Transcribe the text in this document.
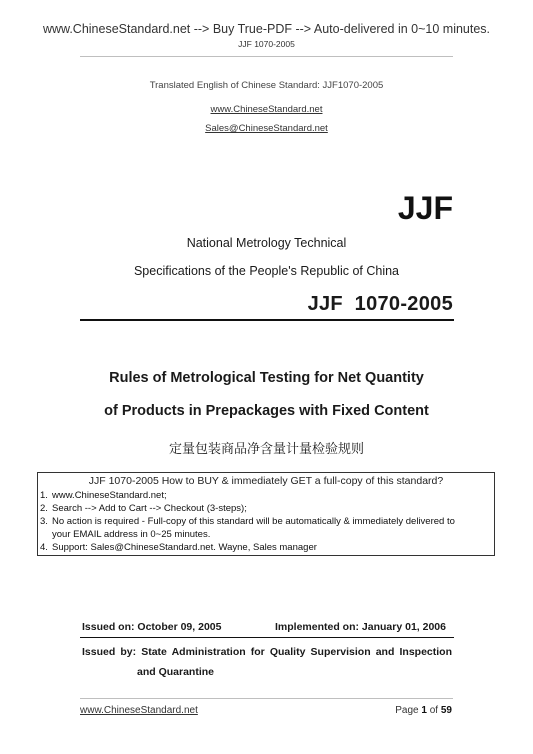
www.ChineseStandard.net --> Buy True-PDF --> Auto-delivered in 0~10 minutes.
JJF 1070-2005
Translated English of Chinese Standard: JJF1070-2005
www.ChineseStandard.net
Sales@ChineseStandard.net
JJF
National Metrology Technical
Specifications of the People's Republic of China
JJF  1070-2005
Rules of Metrological Testing for Net Quantity
of Products in Prepackages with Fixed Content
定量包装商品净含量计量检验规则
JJF 1070-2005 How to BUY & immediately GET a full-copy of this standard?
1. www.ChineseStandard.net;
2. Search --> Add to Cart --> Checkout (3-steps);
3. No action is required - Full-copy of this standard will be automatically & immediately delivered to
your EMAIL address in 0~25 minutes.
4. Support: Sales@ChineseStandard.net. Wayne, Sales manager
Issued on: October 09, 2005	Implemented on: January 01, 2006
Issued by: State Administration for Quality Supervision and Inspection
and Quarantine
www.ChineseStandard.net	Page 1 of 59
